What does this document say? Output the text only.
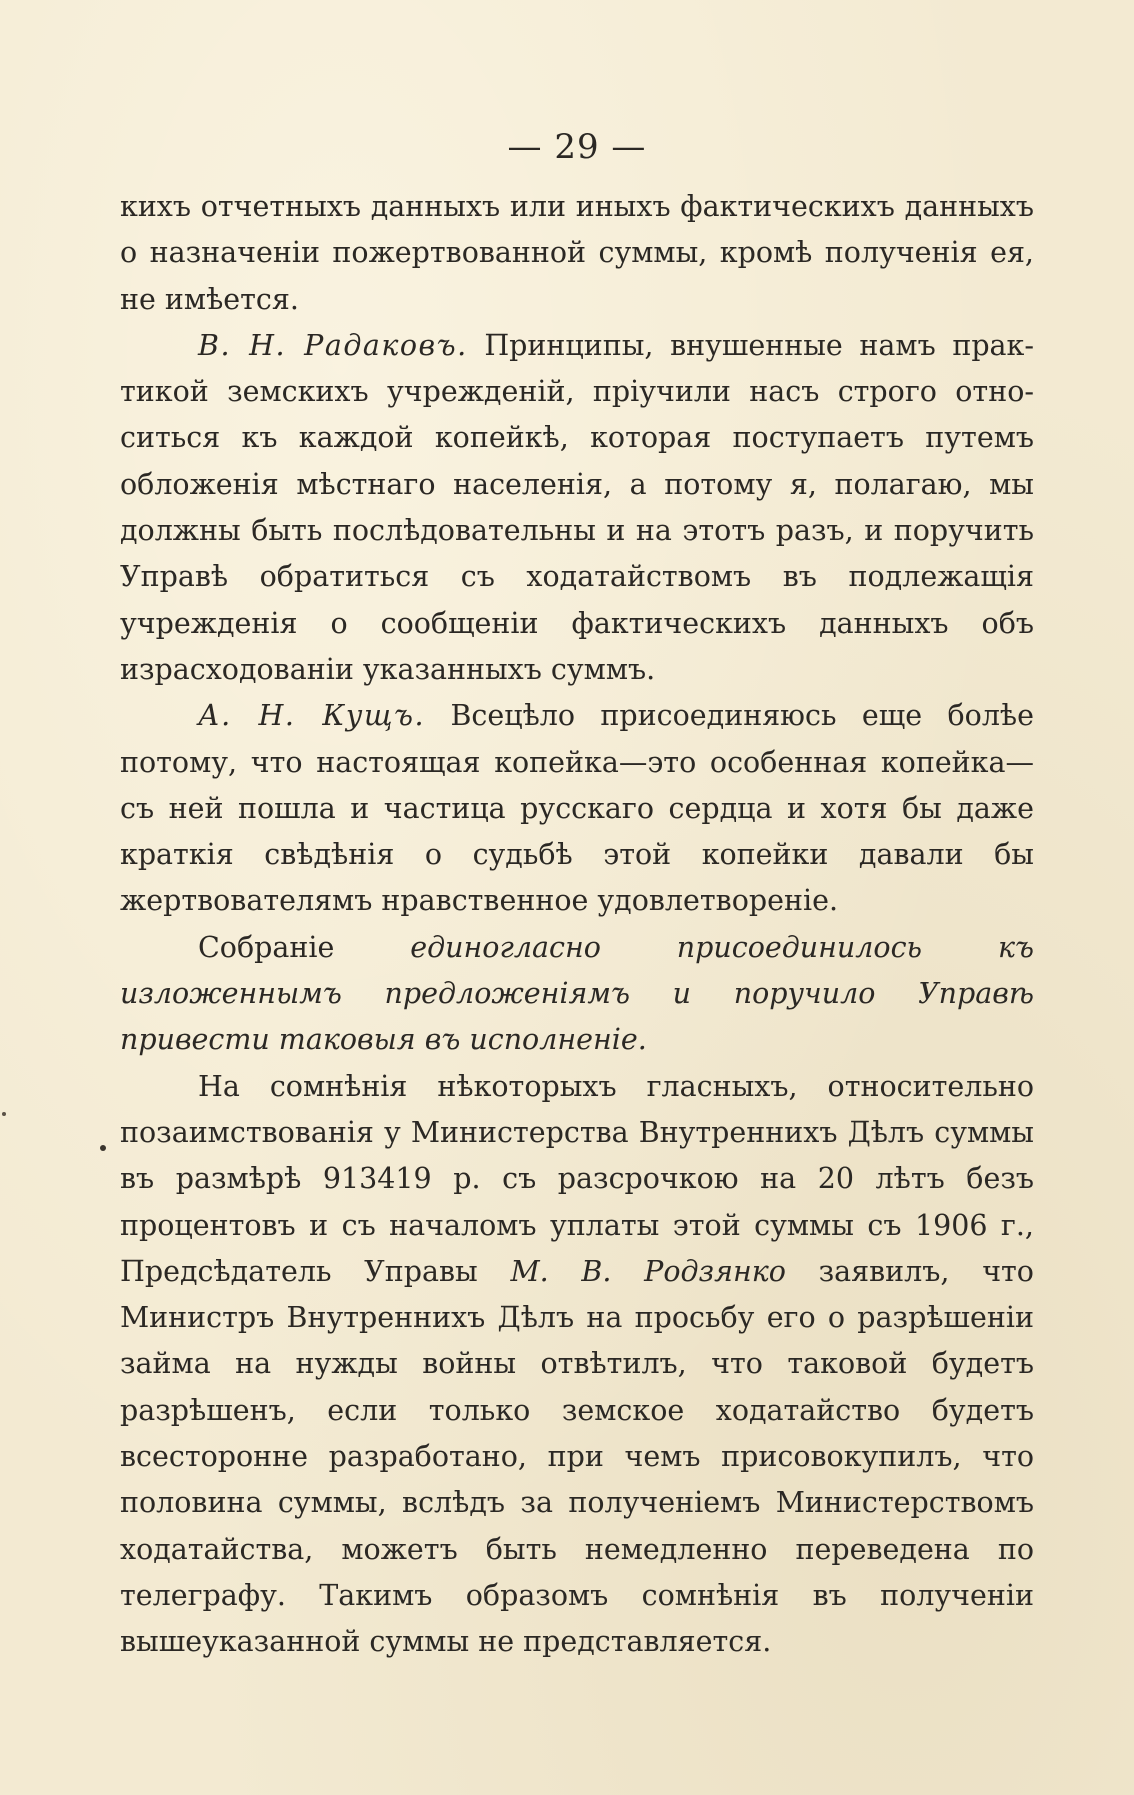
— 29 —

кихъ отчетныхъ данныхъ или иныхъ фактическихъ данныхъ о назначенiи пожертвованной суммы, кромѣ полученiя ея, не имѣется.

В. Н. Радаковъ. Принципы, внушенные намъ практикой земскихъ учрежденiй, прiучили насъ строго относиться къ каждой копейкѣ, которая поступаетъ путемъ обложенiя мѣстнаго населенiя, а потому я, полагаю, мы должны быть послѣдовательны и на этотъ разъ, и поручить Управѣ обратиться съ ходатайствомъ въ подлежащiя учрежденiя о сообщенiи фактическихъ данныхъ объ израсходованiи указанныхъ суммъ.

А. Н. Кущъ. Всецѣло присоединяюсь еще болѣе потому, что настоящая копейка—это особенная копейка—съ ней пошла и частица русскаго сердца и хотя бы даже краткiя свѣдѣнiя о судьбѣ этой копейки давали бы жертвователямъ нравственное удовлетворенiе.

Собранiе единогласно присоединилось къ изложеннымъ предложенiямъ и поручило Управѣ привести таковыя въ исполненiе.

На сомнѣнiя нѣкоторыхъ гласныхъ, относительно позаимствованiя у Министерства Внутреннихъ Дѣлъ суммы въ размѣрѣ 913419 р. съ разсрочкою на 20 лѣтъ безъ процентовъ и съ началомъ уплаты этой суммы съ 1906 г., Предсѣдатель Управы М. В. Родзянко заявилъ, что Министръ Внутреннихъ Дѣлъ на просьбу его о разрѣшенiи займа на нужды войны отвѣтилъ, что таковой будетъ разрѣшенъ, если только земское ходатайство будетъ всесторонне разработано, при чемъ присовокупилъ, что половина суммы, вслѣдъ за полученiемъ Министерствомъ ходатайства, можетъ быть немедленно переведена по телеграфу. Такимъ образомъ сомнѣнiя въ полученiи вышеуказанной суммы не представляется.
